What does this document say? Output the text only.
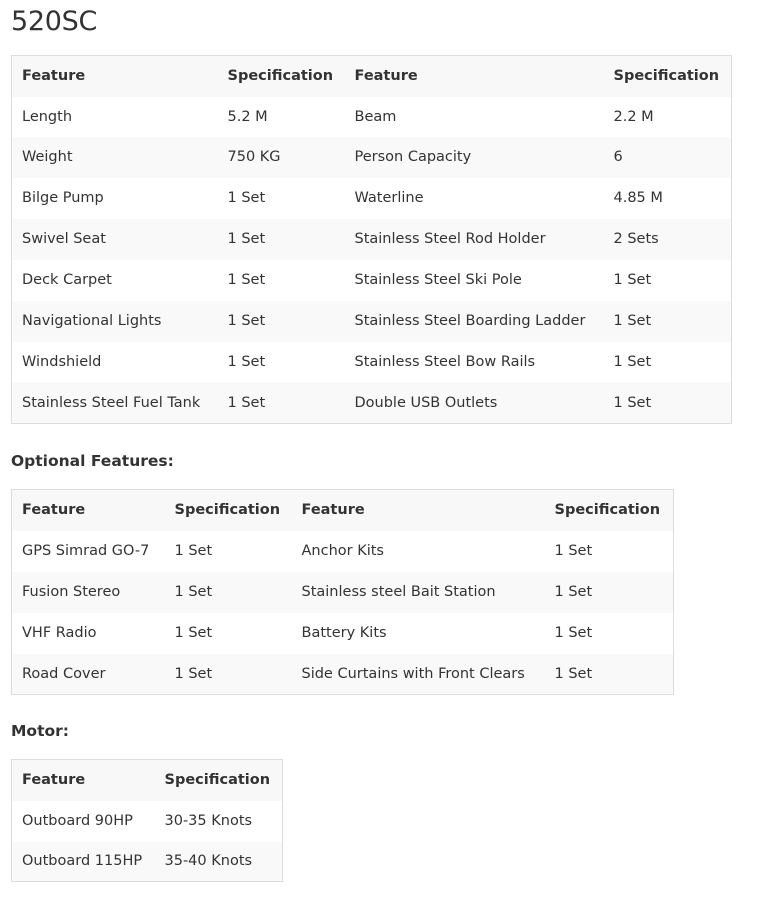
520SC
Feature	Specification	Feature	Specification
Length	5.2 M	Beam	2.2 M
Weight	750 KG	Person Capacity	6
Bilge Pump	1 Set	Waterline	4.85 M
Swivel Seat	1 Set	Stainless Steel Rod Holder	2 Sets
Deck Carpet	1 Set	Stainless Steel Ski Pole	1 Set
Navigational Lights	1 Set	Stainless Steel Boarding Ladder	1 Set
Windshield	1 Set	Stainless Steel Bow Rails	1 Set
Stainless Steel Fuel Tank	1 Set	Double USB Outlets	1 Set
Optional Features:
Feature	Specification	Feature	Specification
GPS Simrad GO-7	1 Set	Anchor Kits	1 Set
Fusion Stereo	1 Set	Stainless steel Bait Station	1 Set
VHF Radio	1 Set	Battery Kits	1 Set
Road Cover	1 Set	Side Curtains with Front Clears	1 Set
Motor:
Feature	Specification
Outboard 90HP	30-35 Knots
Outboard 115HP	35-40 Knots
